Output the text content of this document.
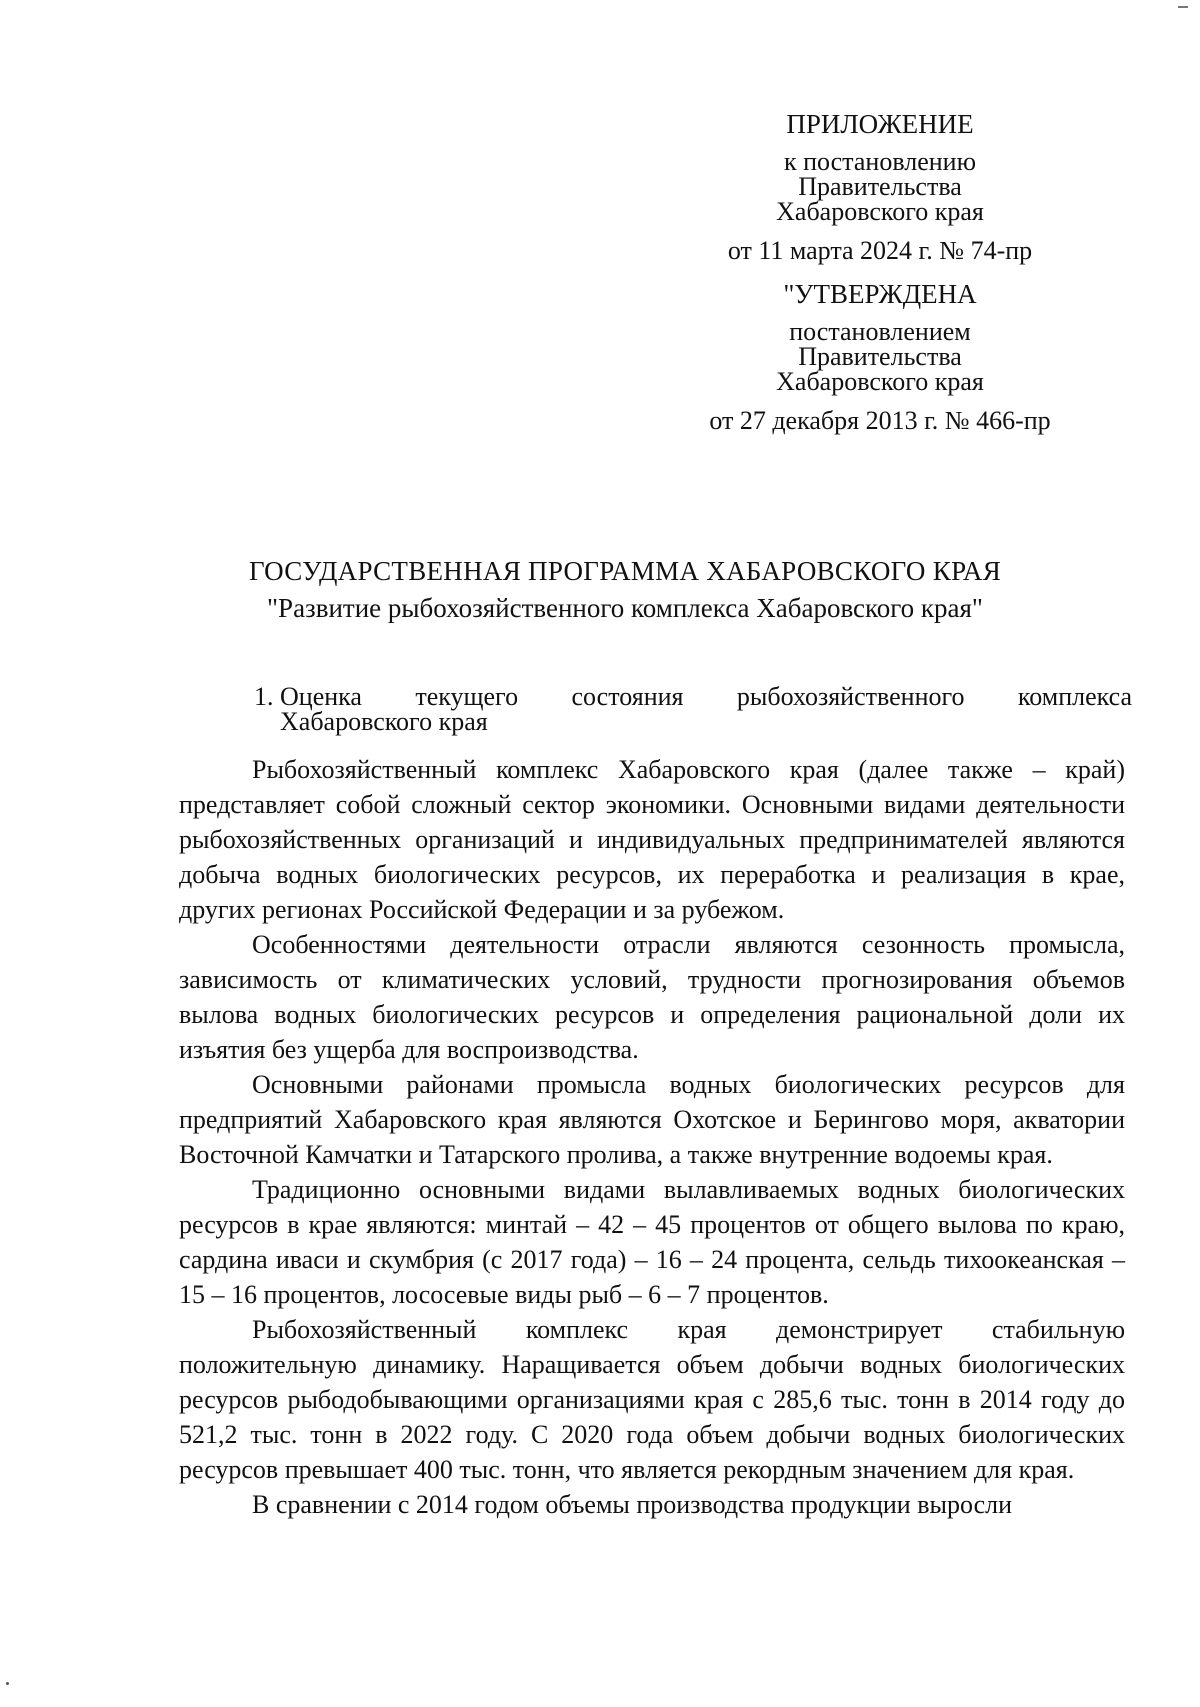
ПРИЛОЖЕНИЕ
к постановлению
Правительства
Хабаровского края
от 11 марта 2024 г. № 74-пр
"УТВЕРЖДЕНА
постановлением
Правительства
Хабаровского края
от 27 декабря 2013 г. № 466-пр
ГОСУДАРСТВЕННАЯ ПРОГРАММА ХАБАРОВСКОГО КРАЯ
"Развитие рыбохозяйственного комплекса Хабаровского края"
1. Оценка текущего состояния рыбохозяйственного комплекса Хабаровского края

Рыбохозяйственный комплекс Хабаровского края (далее также – край) представляет собой сложный сектор экономики. Основными видами деятельности рыбохозяйственных организаций и индивидуальных предпринимателей являются добыча водных биологических ресурсов, их переработка и реализация в крае, других регионах Российской Федерации и за рубежом.

Особенностями деятельности отрасли являются сезонность промысла, зависимость от климатических условий, трудности прогнозирования объемов вылова водных биологических ресурсов и определения рациональной доли их изъятия без ущерба для воспроизводства.

Основными районами промысла водных биологических ресурсов для предприятий Хабаровского края являются Охотское и Берингово моря, акватории Восточной Камчатки и Татарского пролива, а также внутренние водоемы края.

Традиционно основными видами вылавливаемых водных биологических ресурсов в крае являются: минтай – 42 – 45 процентов от общего вылова по краю, сардина иваси и скумбрия (с 2017 года) – 16 – 24 процента, сельдь тихоокеанская – 15 – 16 процентов, лососевые виды рыб – 6 – 7 процентов.

Рыбохозяйственный комплекс края демонстрирует стабильную положительную динамику. Наращивается объем добычи водных биологических ресурсов рыбодобывающими организациями края с 285,6 тыс. тонн в 2014 году до 521,2 тыс. тонн в 2022 году. С 2020 года объем добычи водных биологических ресурсов превышает 400 тыс. тонн, что является рекордным значением для края.

В сравнении с 2014 годом объемы производства продукции выросли
